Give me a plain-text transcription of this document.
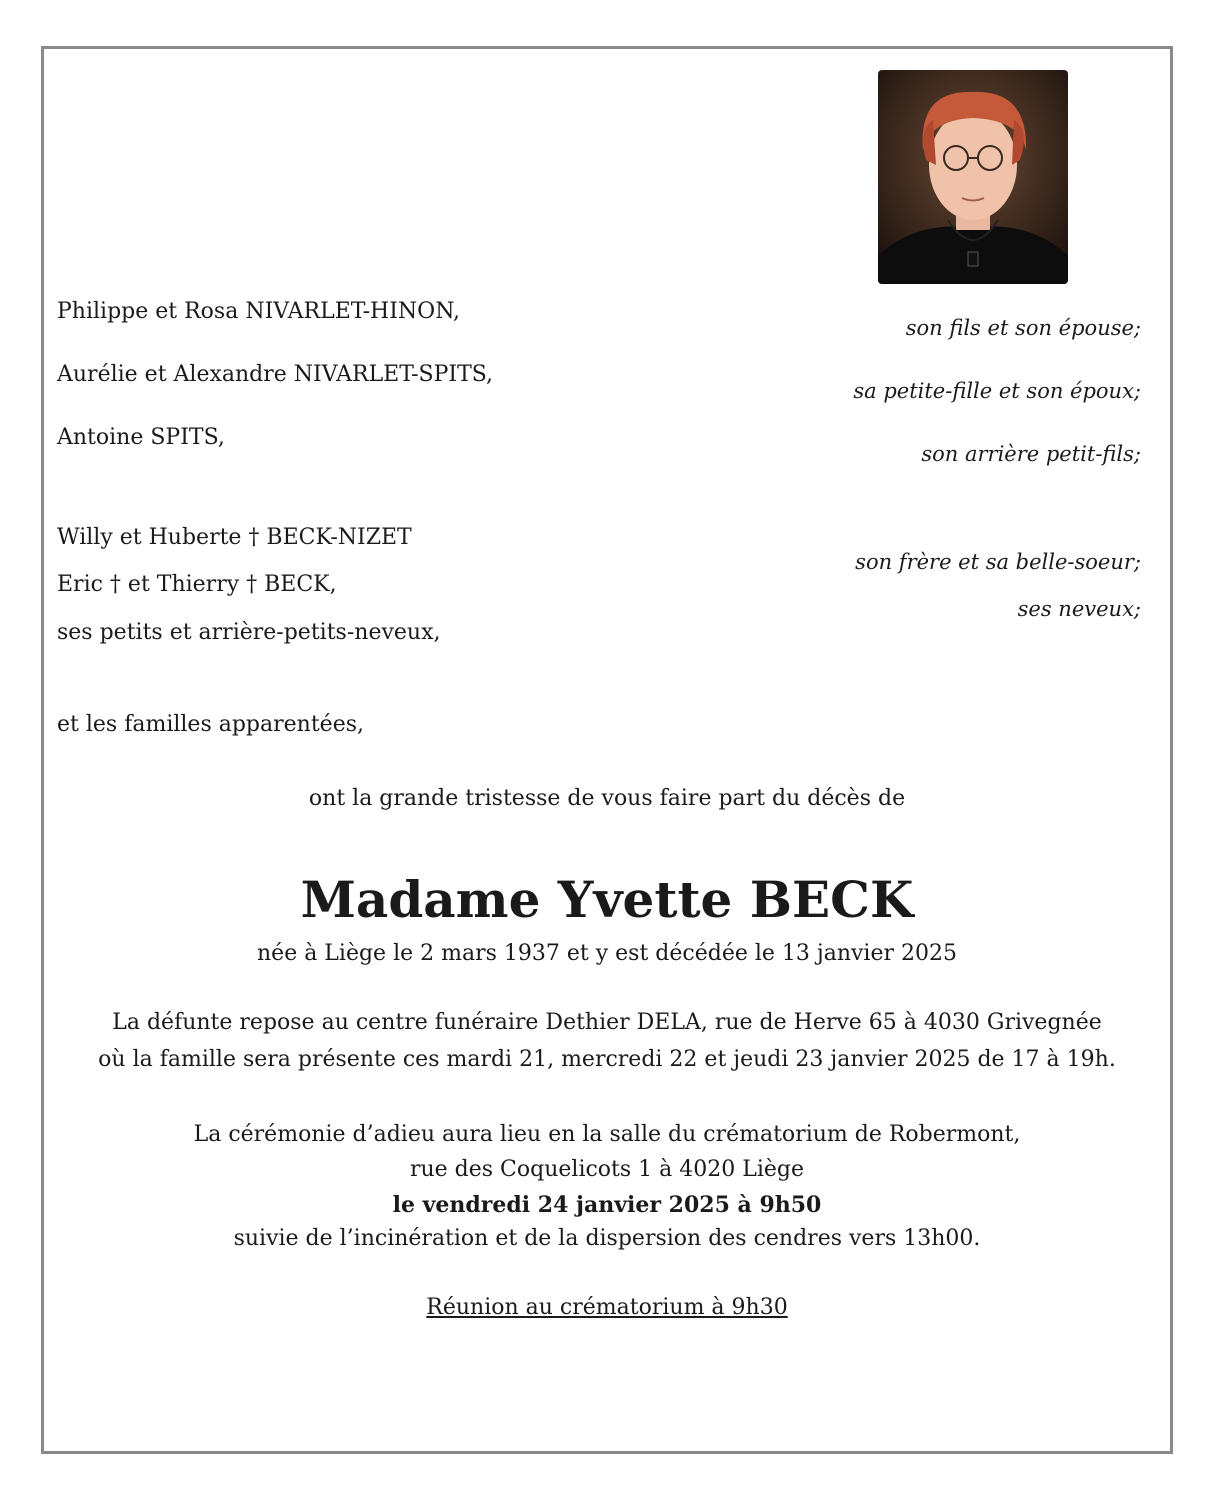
Philippe et Rosa NIVARLET-HINON,
son fils et son épouse;
Aurélie et Alexandre NIVARLET-SPITS,
sa petite-fille et son époux;
Antoine SPITS,
son arrière petit-fils;
Willy et Huberte † BECK-NIZET
son frère et sa belle-soeur;
Eric † et Thierry † BECK,
ses neveux;
ses petits et arrière-petits-neveux,
et les familles apparentées,
ont la grande tristesse de vous faire part du décès de
Madame Yvette BECK
née à Liège le 2 mars 1937 et y est décédée le 13 janvier 2025
La défunte repose au centre funéraire Dethier DELA, rue de Herve 65 à 4030 Grivegnée
où la famille sera présente ces mardi 21, mercredi 22 et jeudi 23 janvier 2025 de 17 à 19h.
La cérémonie d’adieu aura lieu en la salle du crématorium de Robermont,
rue des Coquelicots 1 à 4020 Liège
le vendredi 24 janvier 2025 à 9h50
suivie de l’incinération et de la dispersion des cendres vers 13h00.
Réunion au crématorium à 9h30
